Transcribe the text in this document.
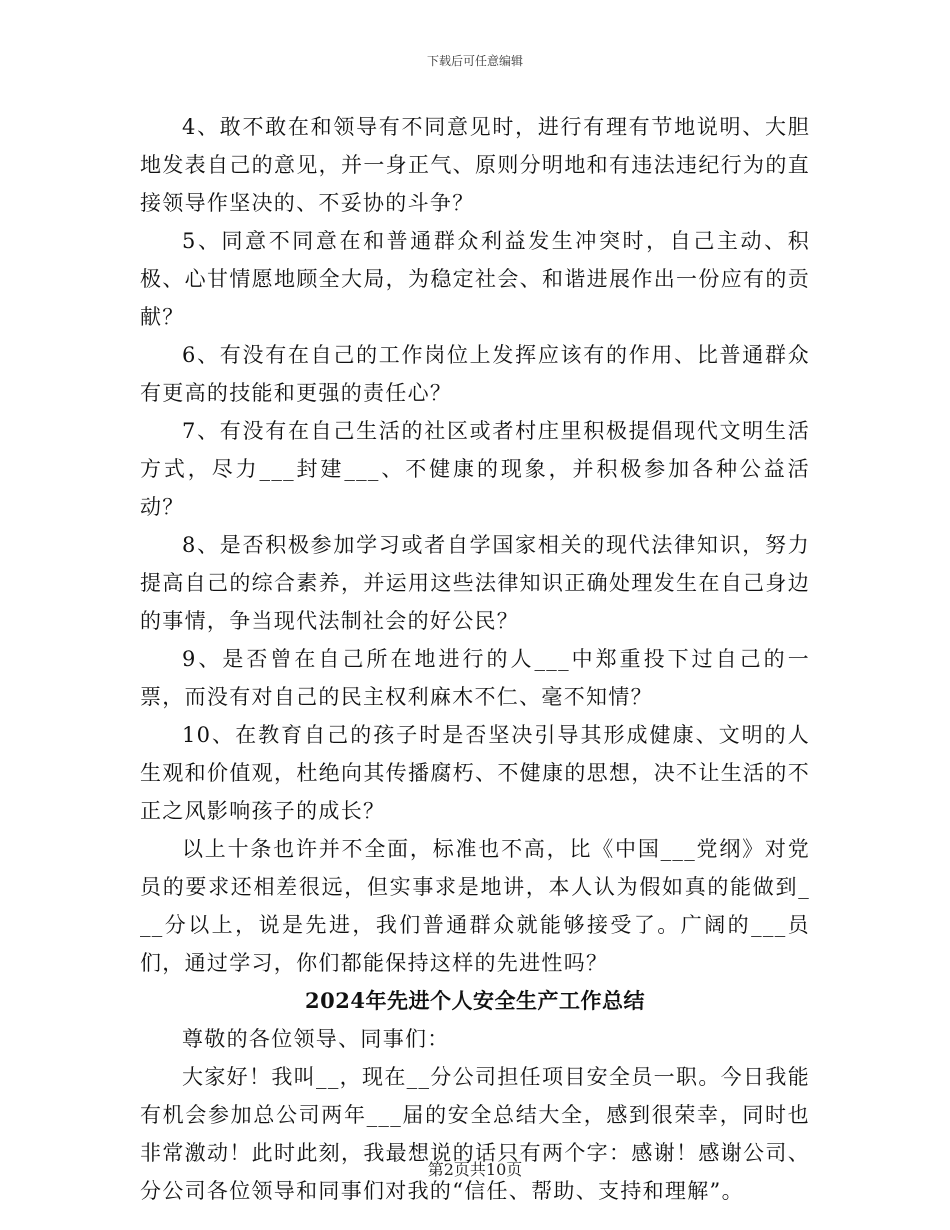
下载后可任意编辑

4、敢不敢在和领导有不同意见时，进行有理有节地说明、大胆地发表自己的意见，并一身正气、原则分明地和有违法违纪行为的直接领导作坚决的、不妥协的斗争？

5、同意不同意在和普通群众利益发生冲突时，自己主动、积极、心甘情愿地顾全大局，为稳定社会、和谐进展作出一份应有的贡献？

6、有没有在自己的工作岗位上发挥应该有的作用、比普通群众有更高的技能和更强的责任心？

7、有没有在自己生活的社区或者村庄里积极提倡现代文明生活方式，尽力___封建___、不健康的现象，并积极参加各种公益活动？

8、是否积极参加学习或者自学国家相关的现代法律知识，努力提高自己的综合素养，并运用这些法律知识正确处理发生在自己身边的事情，争当现代法制社会的好公民？

9、是否曾在自己所在地进行的人___中郑重投下过自己的一票，而没有对自己的民主权利麻木不仁、毫不知情？

10、在教育自己的孩子时是否坚决引导其形成健康、文明的人生观和价值观，杜绝向其传播腐朽、不健康的思想，决不让生活的不正之风影响孩子的成长？

以上十条也许并不全面，标准也不高，比《中国___党纲》对党员的要求还相差很远，但实事求是地讲，本人认为假如真的能做到___分以上，说是先进，我们普通群众就能够接受了。广阔的___员们，通过学习，你们都能保持这样的先进性吗？

2024年先进个人安全生产工作总结

尊敬的各位领导、同事们：

大家好！我叫__，现在__分公司担任项目安全员一职。今日我能有机会参加总公司两年___届的安全总结大全，感到很荣幸，同时也非常激动！此时此刻，我最想说的话只有两个字：感谢！感谢公司、分公司各位领导和同事们对我的“信任、帮助、支持和理解”。

第2页共10页
